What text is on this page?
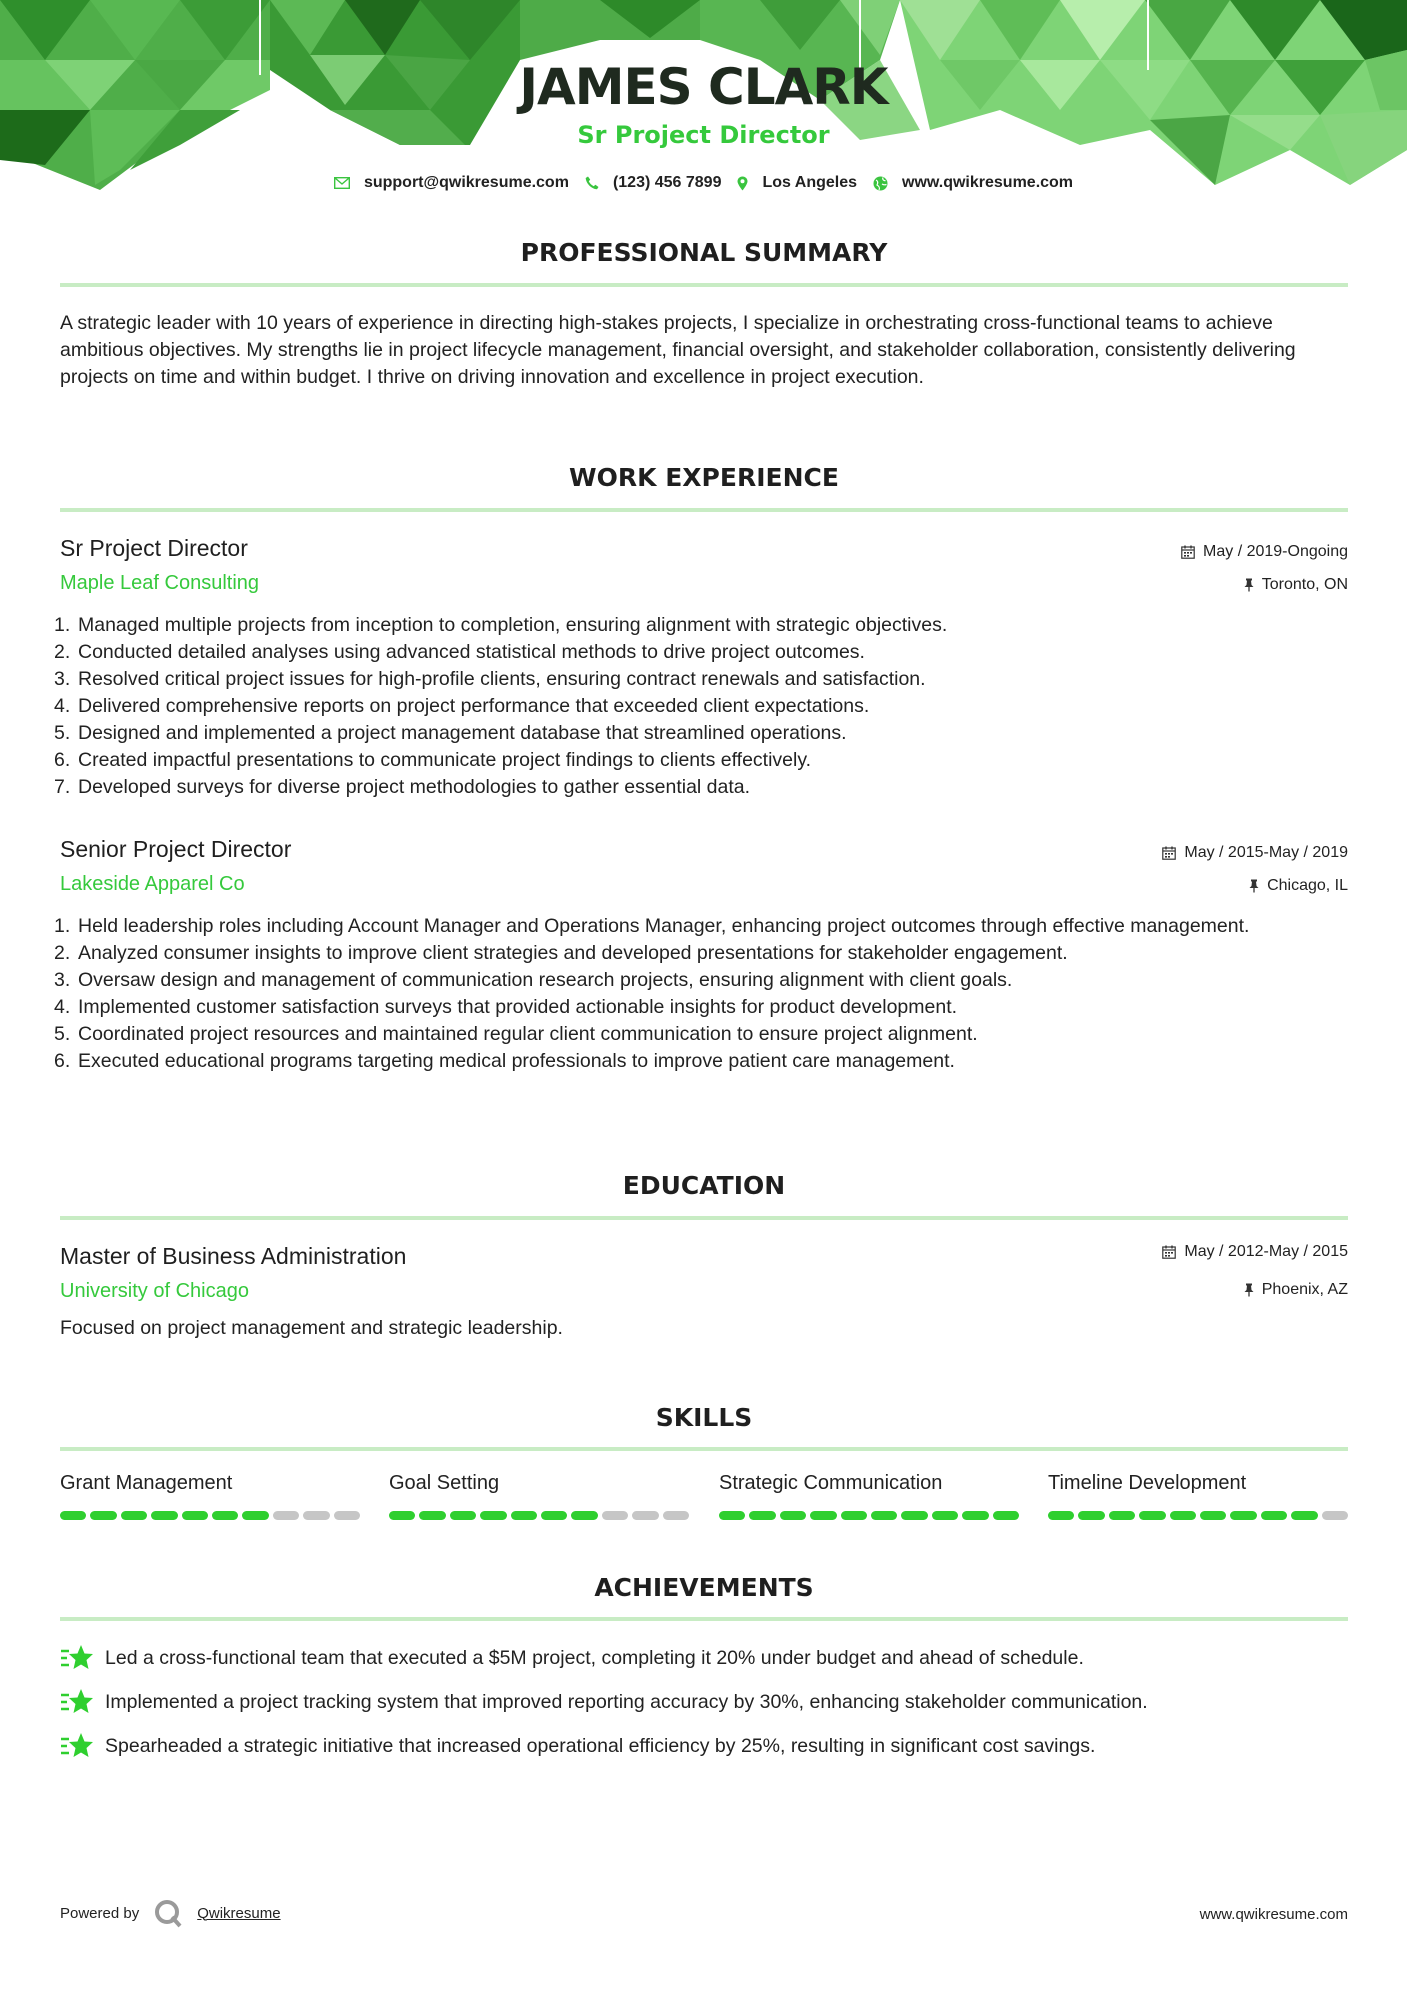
JAMES CLARK
Sr Project Director
support@qwikresume.com	(123) 456 7899	Los Angeles	www.qwikresume.com
PROFESSIONAL SUMMARY
A strategic leader with 10 years of experience in directing high-stakes projects, I specialize in orchestrating cross-functional teams to achieve ambitious objectives. My strengths lie in project lifecycle management, financial oversight, and stakeholder collaboration, consistently delivering projects on time and within budget. I thrive on driving innovation and excellence in project execution.
WORK EXPERIENCE
Sr Project Director	May / 2019-Ongoing
Maple Leaf Consulting	Toronto, ON
Managed multiple projects from inception to completion, ensuring alignment with strategic objectives.
Conducted detailed analyses using advanced statistical methods to drive project outcomes.
Resolved critical project issues for high-profile clients, ensuring contract renewals and satisfaction.
Delivered comprehensive reports on project performance that exceeded client expectations.
Designed and implemented a project management database that streamlined operations.
Created impactful presentations to communicate project findings to clients effectively.
Developed surveys for diverse project methodologies to gather essential data.
Senior Project Director	May / 2015-May / 2019
Lakeside Apparel Co	Chicago, IL
Held leadership roles including Account Manager and Operations Manager, enhancing project outcomes through effective management.
Analyzed consumer insights to improve client strategies and developed presentations for stakeholder engagement.
Oversaw design and management of communication research projects, ensuring alignment with client goals.
Implemented customer satisfaction surveys that provided actionable insights for product development.
Coordinated project resources and maintained regular client communication to ensure project alignment.
Executed educational programs targeting medical professionals to improve patient care management.
EDUCATION
Master of Business Administration	May / 2012-May / 2015
University of Chicago	Phoenix, AZ
Focused on project management and strategic leadership.
SKILLS
Grant Management	Goal Setting	Strategic Communication	Timeline Development
ACHIEVEMENTS
Led a cross-functional team that executed a $5M project, completing it 20% under budget and ahead of schedule.
Implemented a project tracking system that improved reporting accuracy by 30%, enhancing stakeholder communication.
Spearheaded a strategic initiative that increased operational efficiency by 25%, resulting in significant cost savings.
Powered by	Qwikresume	www.qwikresume.com
